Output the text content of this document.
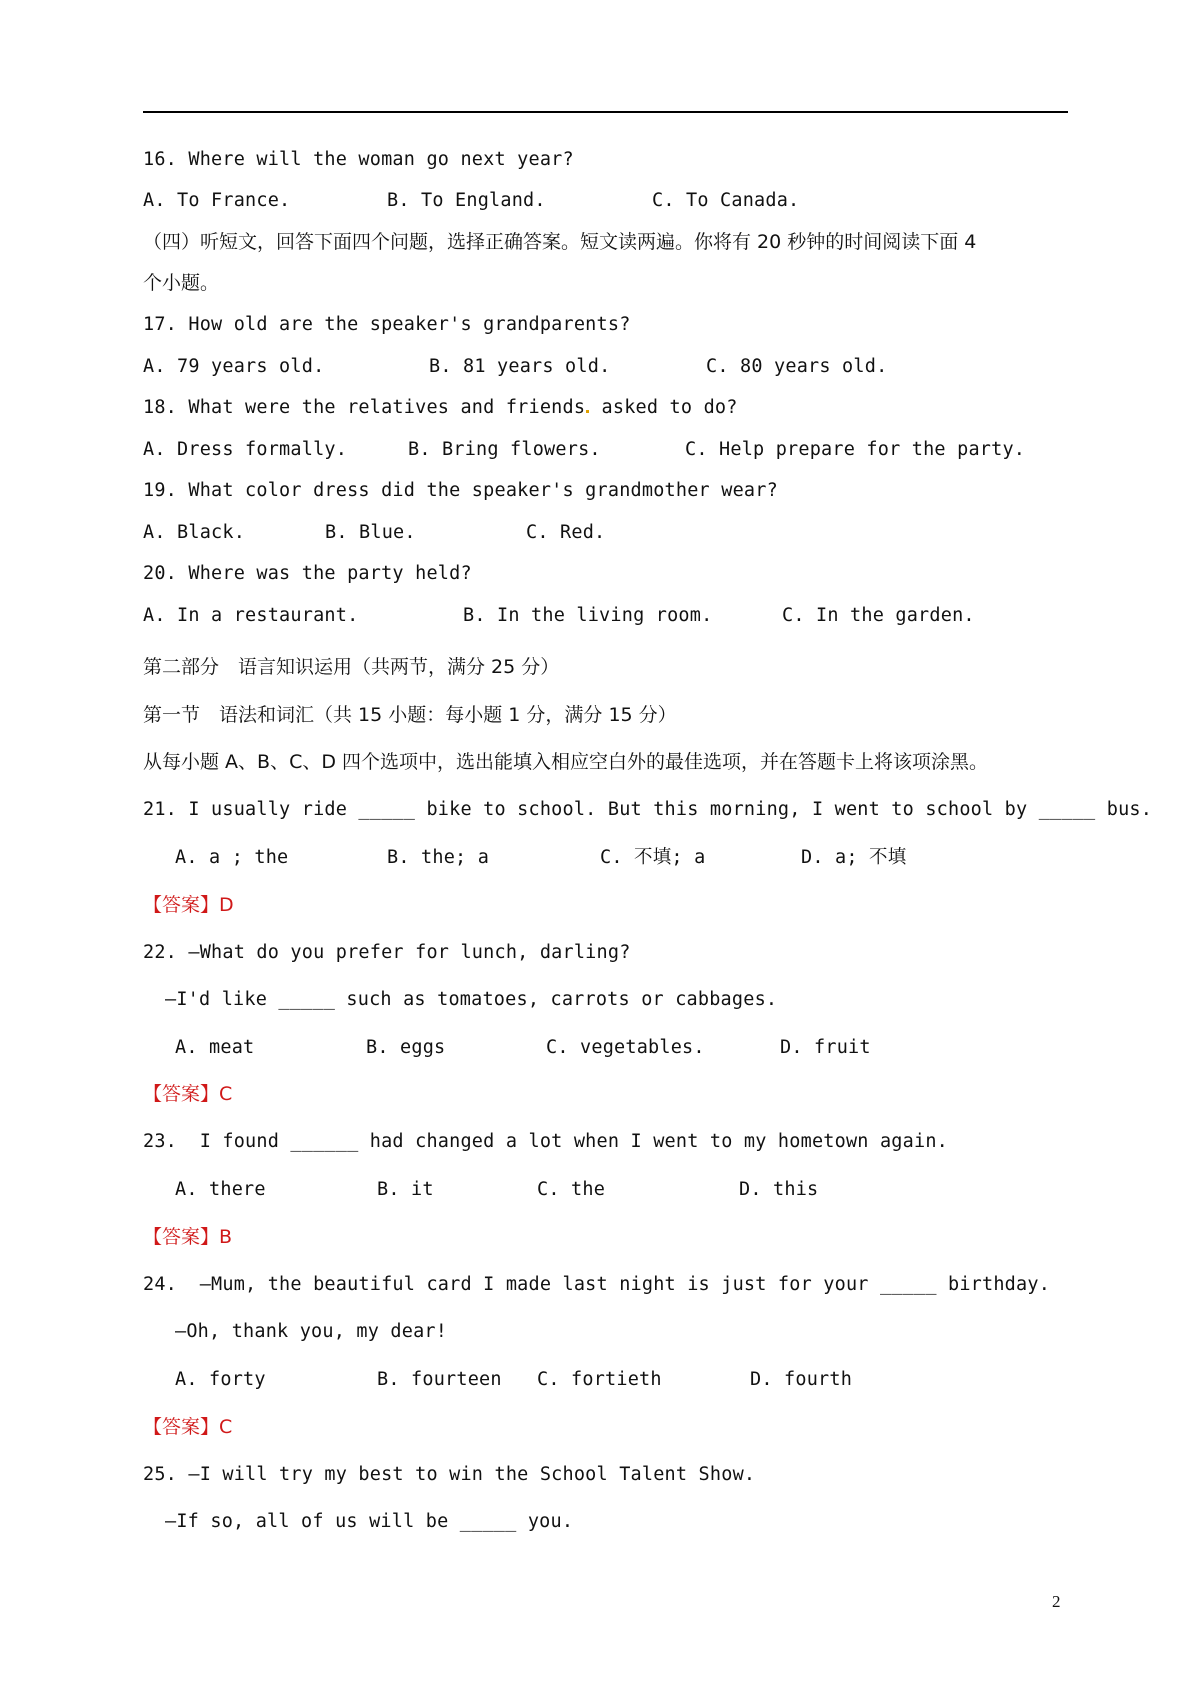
16. Where will the woman go next year?
A. To France.	B. To England.	C. To Canada.
（四）听短文，回答下面四个问题，选择正确答案。短文读两遍。你将有 20 秒钟的时间阅读下面 4
个小题。
17. How old are the speaker's grandparents?
A. 79 years old.	B. 81 years old.	C. 80 years old.
18. What were the relatives and friends asked to do?
A. Dress formally.	B. Bring flowers.	C. Help prepare for the party.
19. What color dress did the speaker's grandmother wear?
A. Black.	B. Blue.	C. Red.
20. Where was the party held?
A. In a restaurant.	B. In the living room.	C. In the garden.
第二部分　语言知识运用（共两节，满分 25 分）
第一节　语法和词汇（共 15 小题：每小题 1 分，满分 15 分）
从每小题 A、B、C、D 四个选项中，选出能填入相应空白外的最佳选项，并在答题卡上将该项涂黑。
21. I usually ride _____ bike to school. But this morning, I went to school by _____ bus.
A. a ; the	B. the; a	C. 不填; a	D. a; 不填
【答案】D
22. —What do you prefer for lunch, darling?
—I'd like _____ such as tomatoes, carrots or cabbages.
A. meat	B. eggs	C. vegetables.	D. fruit
【答案】C
23.  I found ______ had changed a lot when I went to my hometown again.
A. there	B. it	C. the	D. this
【答案】B
24.  —Mum, the beautiful card I made last night is just for your _____ birthday.
—Oh, thank you, my dear!
A. forty	B. fourteen C. fortieth	D. fourth
【答案】C
25. —I will try my best to win the School Talent Show.
—If so, all of us will be _____ you.
2
